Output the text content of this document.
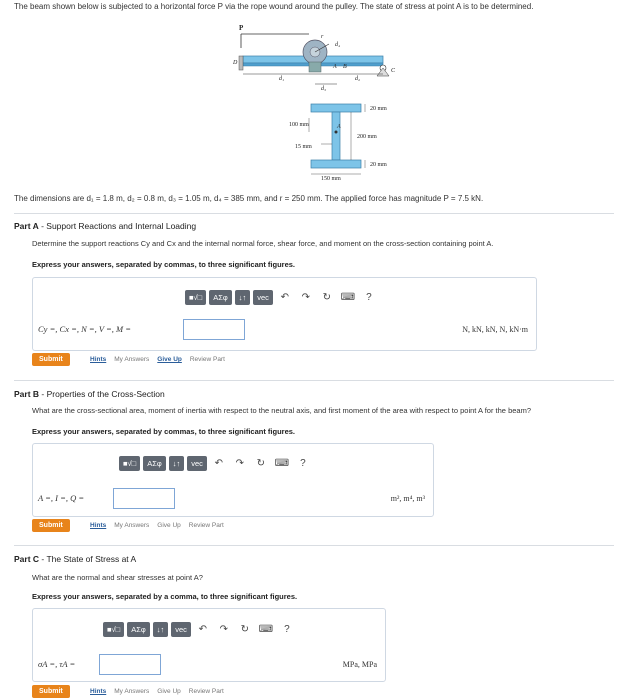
The beam shown below is subjected to a horizontal force P via the rope wound around the pulley. The state of stress at point A is to be determined.
P
r
d₄
D
C
B
A
d₁	d₂
d₃
A
20 mm
100 mm
200 mm
15 mm
20 mm
150 mm
The dimensions are d₁ = 1.8 m, d₂ = 0.8 m, d₃ = 1.05 m, d₄ = 385 mm, and r = 250 mm. The applied force has magnitude P = 7.5 kN.
Part A - Support Reactions and Internal Loading
Determine the support reactions Cy and Cx and the internal normal force, shear force, and moment on the cross-section containing point A.
Express your answers, separated by commas, to three significant figures.
■√□	AΣφ	↓↑	vec	↶	↷	↻ ⌨	?
Cy =, Cx =, N =, V =, M =	N, kN, kN, N, kN·m
Submit	Hints My Answers Give Up Review Part
Part B - Properties of the Cross-Section
What are the cross-sectional area, moment of inertia with respect to the neutral axis, and first moment of the area with respect to point A for the beam?
Express your answers, separated by commas, to three significant figures.
■√□	AΣφ	↓↑	vec	↶	↷	↻ ⌨	?
A =, I =, Q =	m², m⁴, m³
Submit	Hints My Answers Give Up Review Part
Part C - The State of Stress at A
What are the normal and shear stresses at point A?
Express your answers, separated by a comma, to three significant figures.
■√□	AΣφ	↓↑	vec	↶	↷	↻ ⌨	?
σA =, τA =	MPa, MPa
Submit	Hints My Answers Give Up Review Part
